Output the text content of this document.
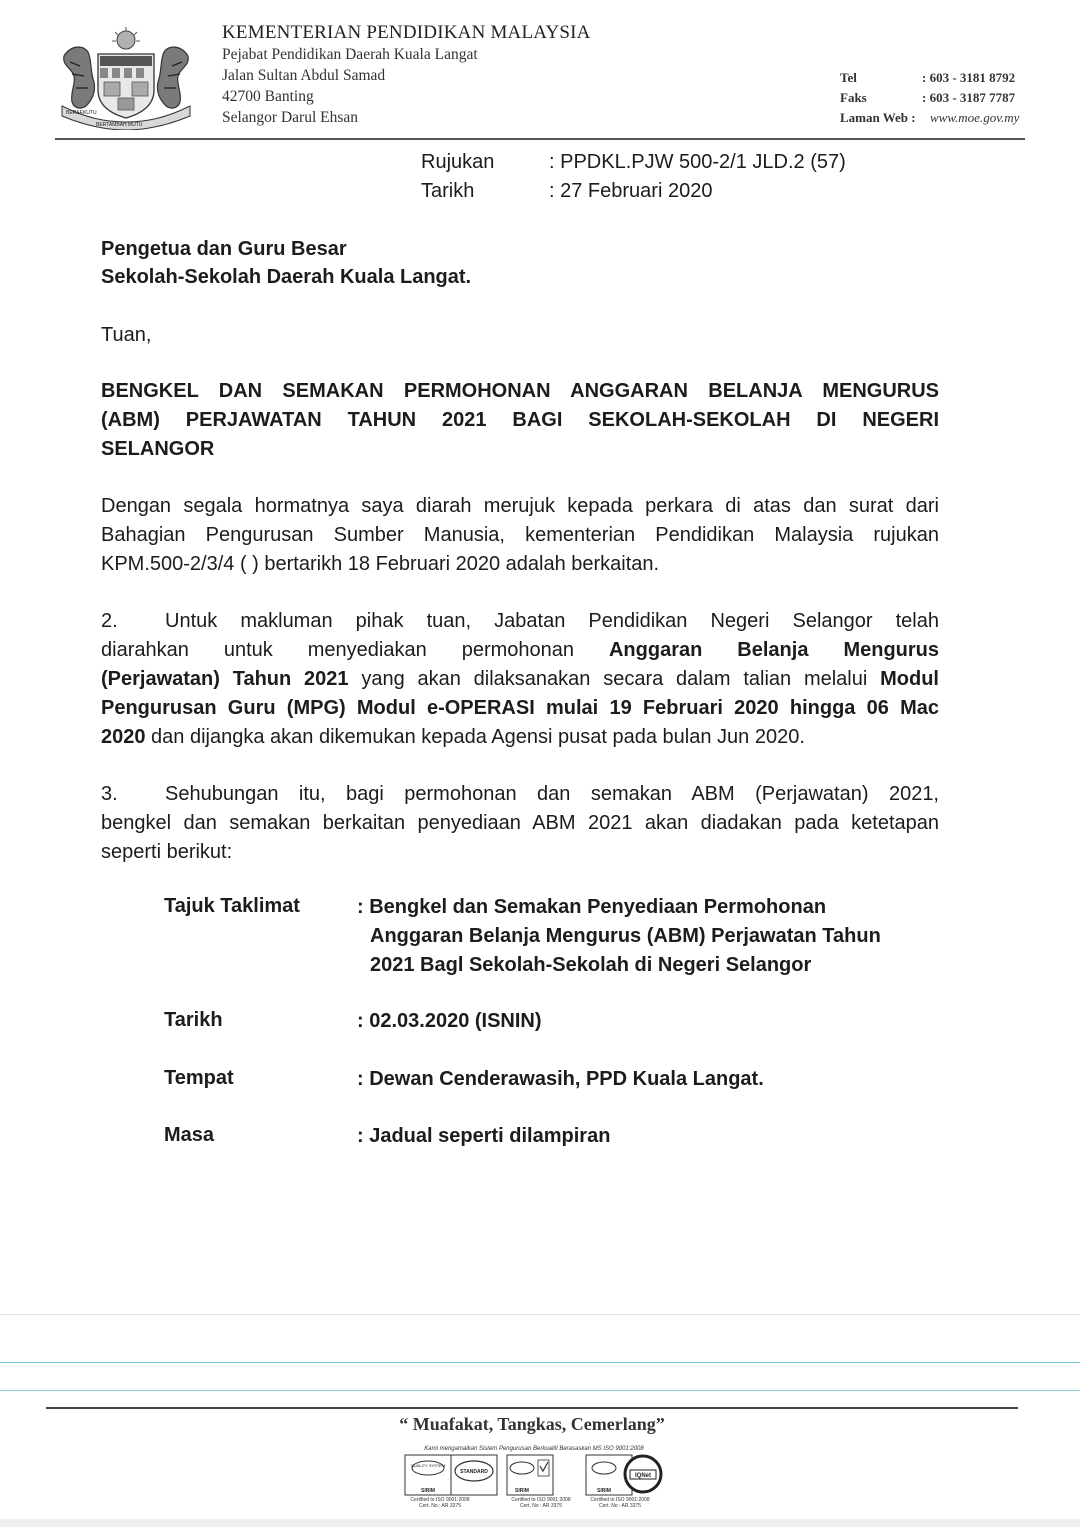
BERSEKUTU
BERTAMBAH MUTU
KEMENTERIAN PENDIDIKAN MALAYSIA
Pejabat Pendidikan Daerah Kuala Langat
Jalan Sultan Abdul Samad
42700 Banting
Selangor Darul Ehsan
Tel	: 603 - 3181 8792
Faks	: 603 - 3187 7787
Laman Web : www.moe.gov.my
Rujukan	: PPDKL.PJW 500-2/1 JLD.2 (57)
Tarikh	: 27 Februari 2020
Pengetua dan Guru Besar
Sekolah-Sekolah Daerah Kuala Langat.
Tuan,
BENGKEL DAN SEMAKAN PERMOHONAN ANGGARAN BELANJA MENGURUS
(ABM) PERJAWATAN TAHUN 2021 BAGI SEKOLAH-SEKOLAH DI NEGERI
SELANGOR
Dengan segala hormatnya saya diarah merujuk kepada perkara di atas dan surat dari
Bahagian Pengurusan Sumber Manusia, kementerian Pendidikan Malaysia rujukan
KPM.500-2/3/4 ( ) bertarikh 18 Februari 2020 adalah berkaitan.
2. Untuk makluman pihak tuan, Jabatan Pendidikan Negeri Selangor telah
diarahkan untuk menyediakan permohonan Anggaran Belanja Mengurus
(Perjawatan) Tahun 2021 yang akan dilaksanakan secara dalam talian melalui Modul
Pengurusan Guru (MPG) Modul e-OPERASI mulai 19 Februari 2020 hingga 06 Mac
2020 dan dijangka akan dikemukan kepada Agensi pusat pada bulan Jun 2020.
3. Sehubungan itu, bagi permohonan dan semakan ABM (Perjawatan) 2021,
bengkel dan semakan berkaitan penyediaan ABM 2021 akan diadakan pada ketetapan
seperti berikut:
Tajuk Taklimat	: Bengkel dan Semakan Penyediaan Permohonan
Anggaran Belanja Mengurus (ABM) Perjawatan Tahun
2021 Bagl Sekolah-Sekolah di Negeri Selangor
Tarikh	: 02.03.2020 (ISNIN)
Tempat	: Dewan Cenderawasih, PPD Kuala Langat.
Masa	: Jadual seperti dilampiran
“ Muafakat, Tangkas, Cemerlang”
Kami mengamalkan Sistem Pengurusan Berkualiti Berasaskan MS ISO 9001:2008
QUALITY SYSTEM
SIRIM
STANDARD
SIRIM	SIRIM
IQNet
Certified to ISO 9001:2008
Cert. No : AR 3375
Certified to ISO 9001:2008
Cert. No : AR 3375
Certified to ISO 9001:2008
Cert. No : AR 3375
